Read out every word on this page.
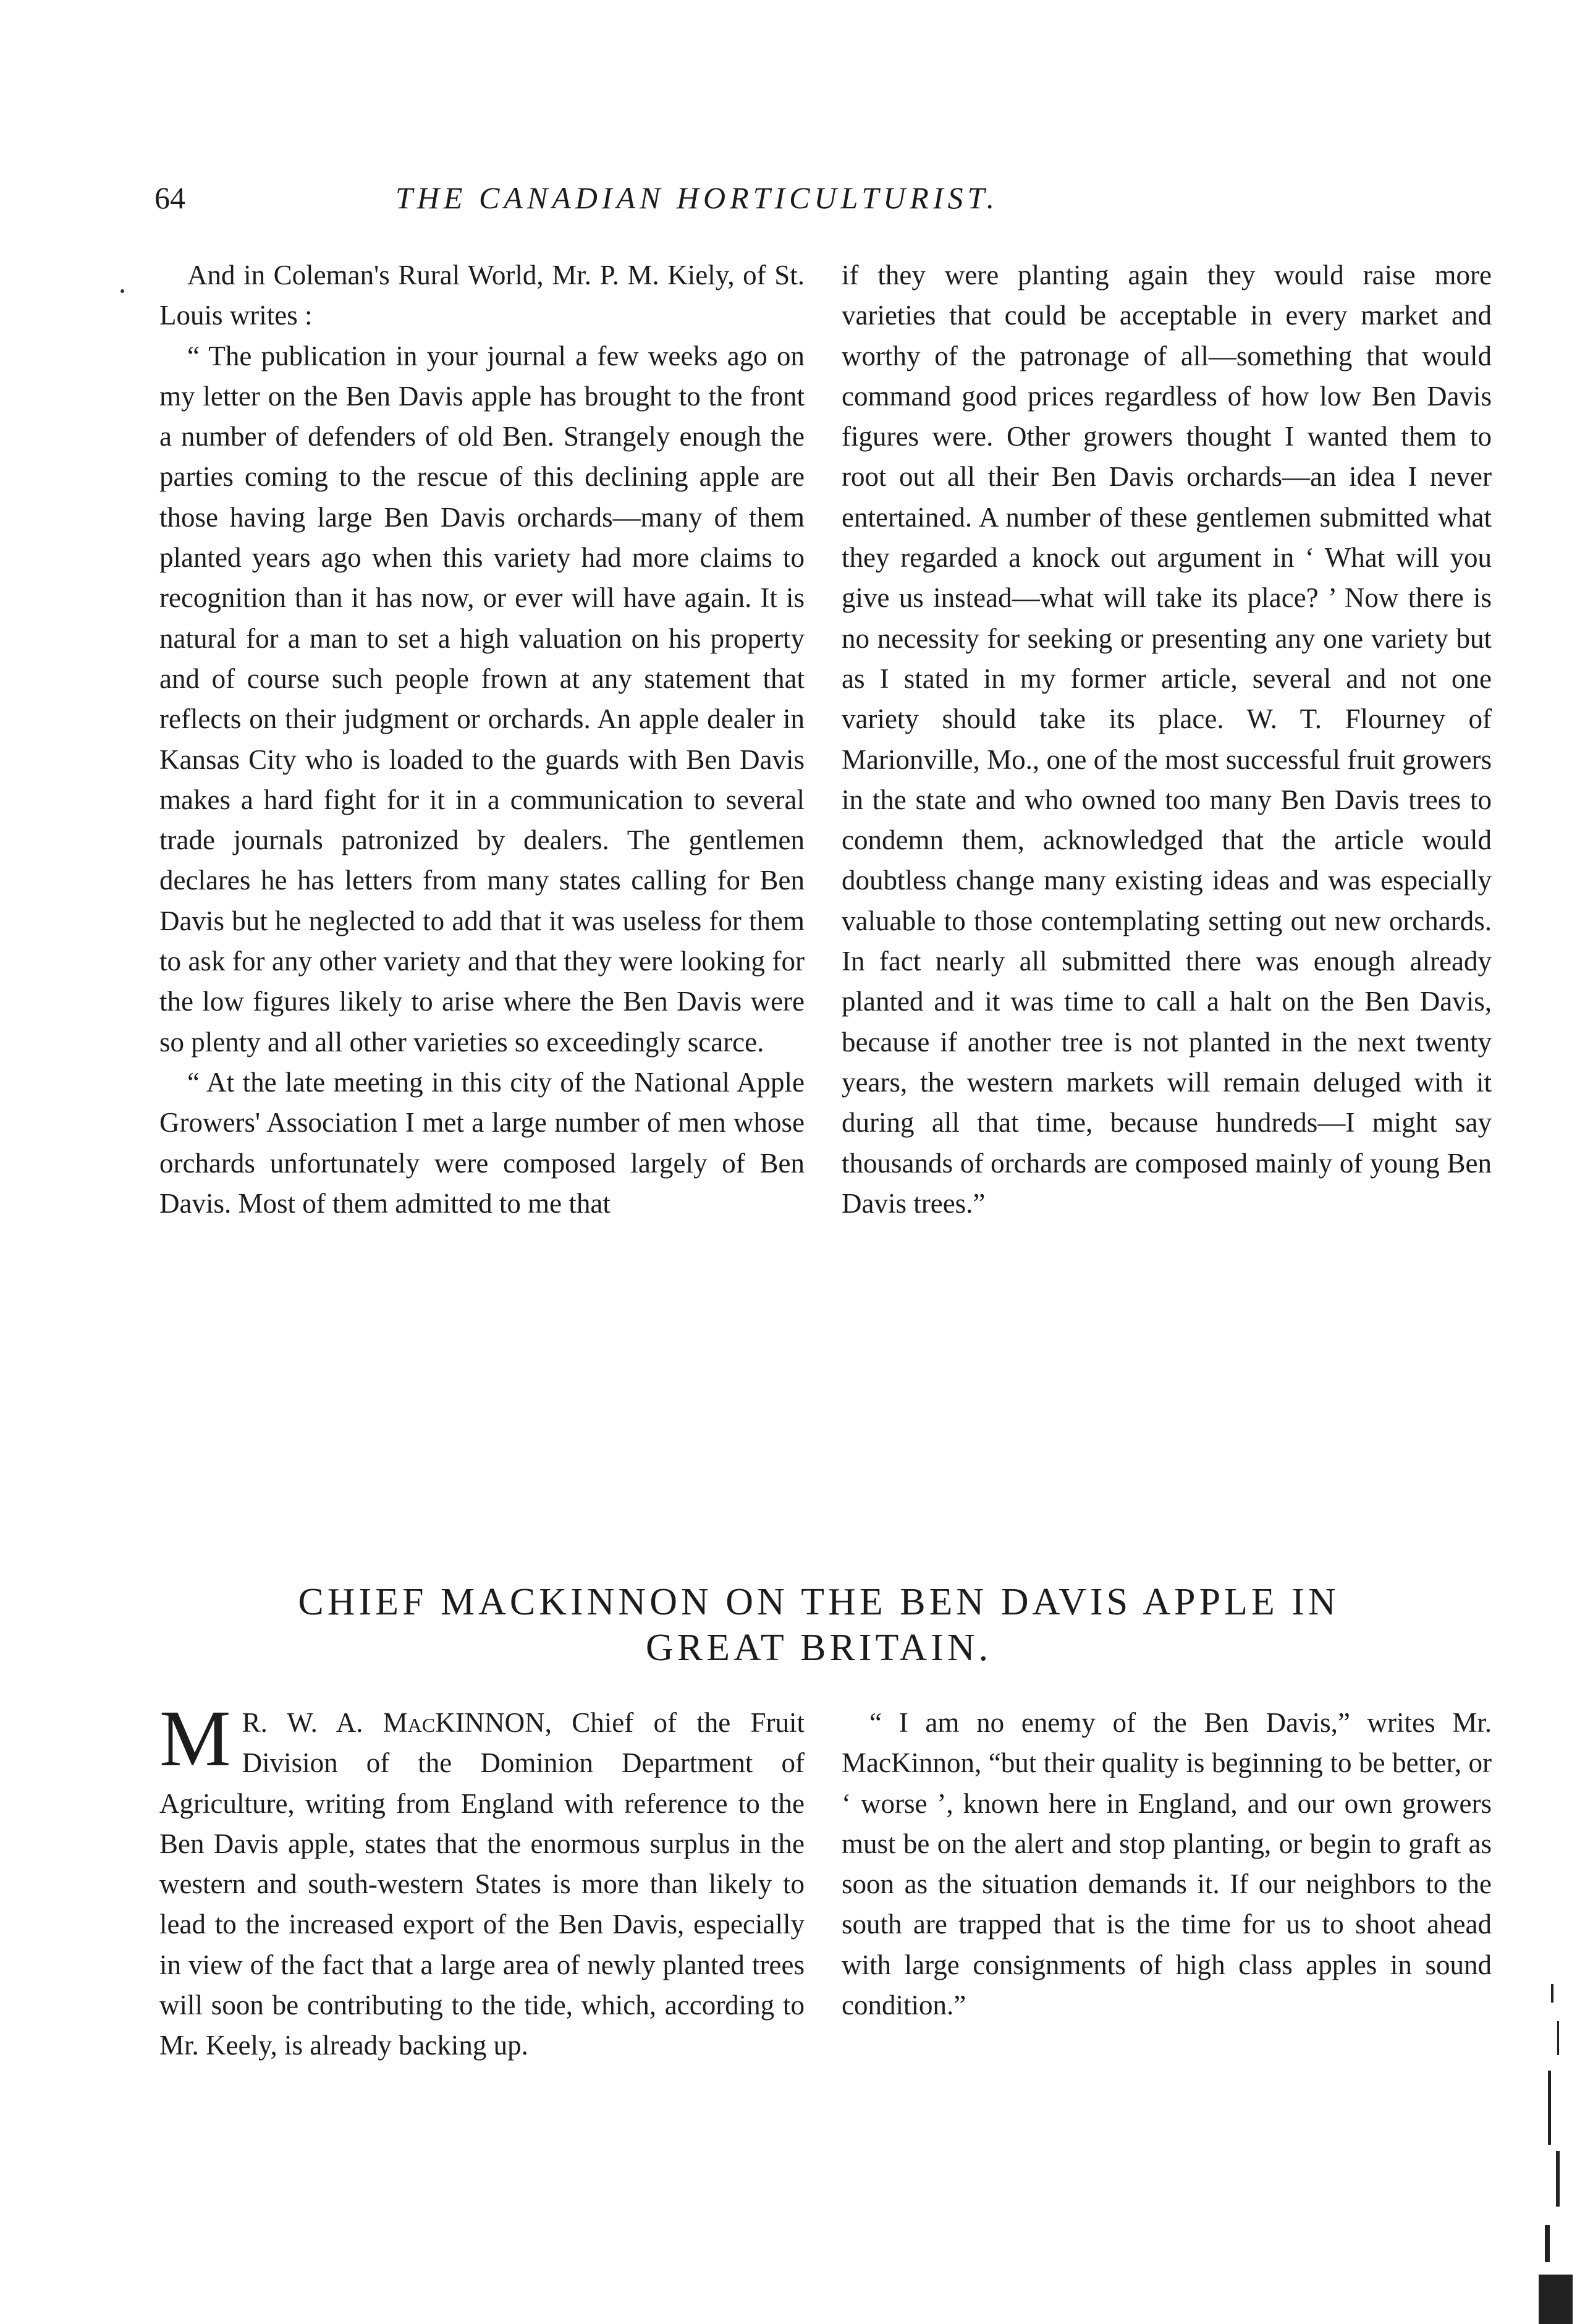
64	THE CANADIAN HORTICULTURIST.

And in Coleman's Rural World, Mr. P. M. Kiely, of St. Louis writes :

“ The publication in your journal a few weeks ago on my letter on the Ben Davis apple has brought to the front a number of defenders of old Ben. Strangely enough the parties coming to the rescue of this declining apple are those having large Ben Davis orchards—many of them planted years ago when this variety had more claims to recognition than it has now, or ever will have again. It is natural for a man to set a high valuation on his property and of course such people frown at any statement that reflects on their judgment or orchards. An apple dealer in Kansas City who is loaded to the guards with Ben Davis makes a hard fight for it in a communication to several trade journals patronized by dealers. The gentlemen declares he has letters from many states calling for Ben Davis but he neglected to add that it was useless for them to ask for any other variety and that they were looking for the low figures likely to arise where the Ben Davis were so plenty and all other varieties so exceedingly scarce.

“ At the late meeting in this city of the National Apple Growers' Association I met a large number of men whose orchards unfortunately were composed largely of Ben Davis. Most of them admitted to me that

if they were planting again they would raise more varieties that could be acceptable in every market and worthy of the patronage of all—something that would command good prices regardless of how low Ben Davis figures were. Other growers thought I wanted them to root out all their Ben Davis orchards—an idea I never entertained. A number of these gentlemen submitted what they regarded a knock out argument in ‘ What will you give us instead—what will take its place? ’ Now there is no necessity for seeking or presenting any one variety but as I stated in my former article, several and not one variety should take its place. W. T. Flourney of Marionville, Mo., one of the most successful fruit growers in the state and who owned too many Ben Davis trees to condemn them, acknowledged that the article would doubtless change many existing ideas and was especially valuable to those contemplating setting out new orchards. In fact nearly all submitted there was enough already planted and it was time to call a halt on the Ben Davis, because if another tree is not planted in the next twenty years, the western markets will remain deluged with it during all that time, because hundreds—I might say thousands of orchards are composed mainly of young Ben Davis trees.”

CHIEF MACKINNON ON THE BEN DAVIS APPLE IN
GREAT BRITAIN.

M R. W. A. MacKINNON, Chief of the Fruit Division of the Dominion Department of Agriculture, writing from England with reference to the Ben Davis apple, states that the enormous surplus in the western and south-western States is more than likely to lead to the increased export of the Ben Davis, especially in view of the fact that a large area of newly planted trees will soon be contributing to the tide, which, according to Mr. Keely, is already backing up.

“ I am no enemy of the Ben Davis,” writes Mr. MacKinnon, “but their quality is beginning to be better, or ‘ worse ’, known here in England, and our own growers must be on the alert and stop planting, or begin to graft as soon as the situation demands it. If our neighbors to the south are trapped that is the time for us to shoot ahead with large consignments of high class apples in sound condition.”
